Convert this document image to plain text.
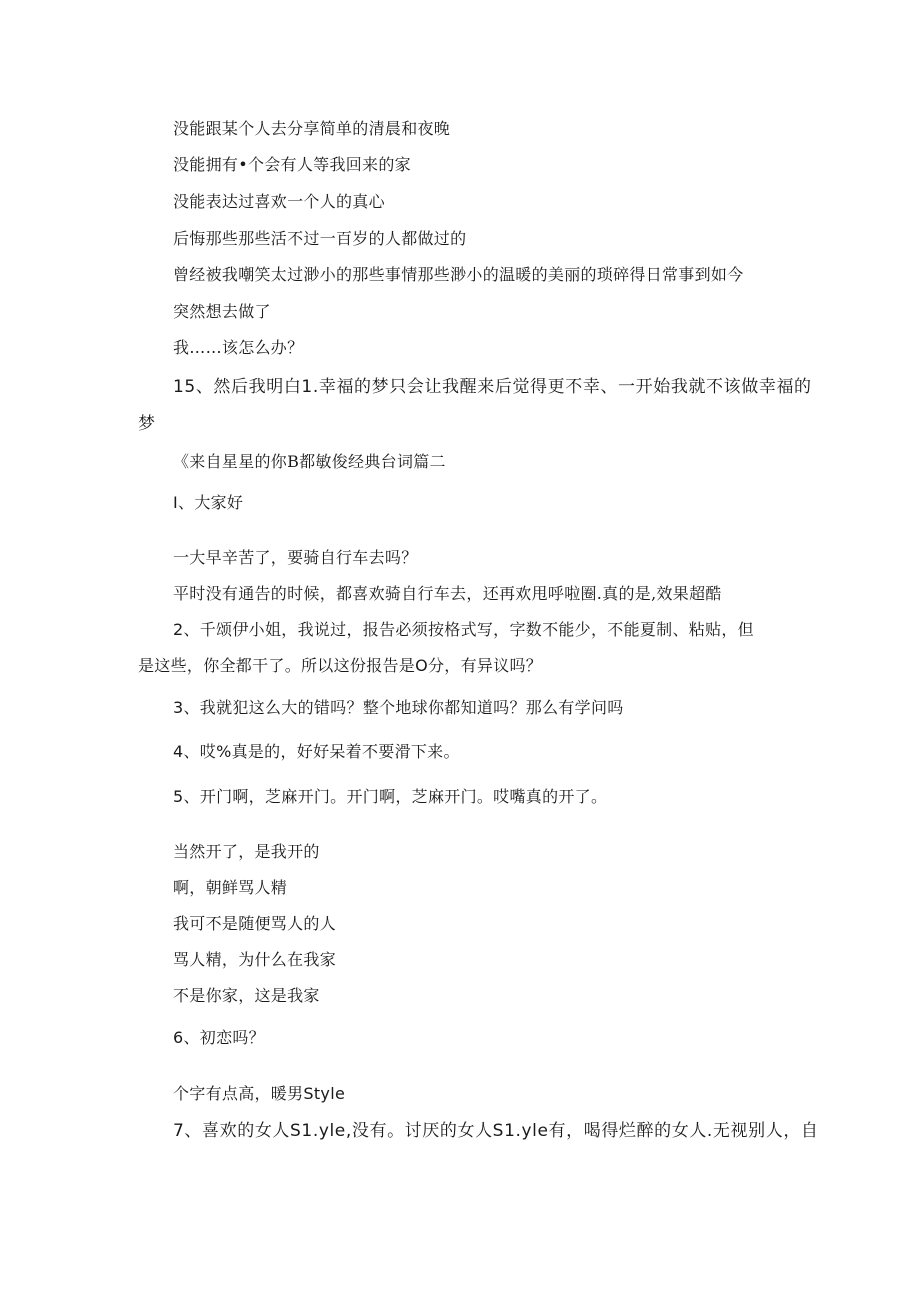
没能跟某个人去分享简单的清晨和夜晚
没能拥有•个会有人等我回来的家
没能表达过喜欢一个人的真心
后悔那些那些活不过一百岁的人都做过的
曾经被我嘲笑太过渺小的那些事情那些渺小的温暖的美丽的琐碎得日常事到如今
突然想去做了
我……该怎么办？
15、然后我明白1.幸福的梦只会让我醒来后觉得更不幸、一开始我就不该做幸福的
梦
《来自星星的你B都敏俊经典台词篇二
I、大家好
一大早辛苦了，要骑自行车去吗？
平时没有通告的时候，都喜欢骑自行车去，还再欢甩呼啦圈.真的是,效果超酷
2、千颂伊小姐，我说过，报告必须按格式写，字数不能少，不能夏制、粘贴，但
是这些，你全都干了。所以这份报告是O分，有异议吗？
3、我就犯这么大的错吗？整个地球你都知道吗？那么有学问吗
4、哎%真是的，好好呆着不要滑下来。
5、开门啊，芝麻开门。开门啊，芝麻开门。哎嘴真的开了。
当然开了，是我开的
啊，朝鲜骂人精
我可不是随便骂人的人
骂人精，为什么在我家
不是你家，这是我家
6、初恋吗？
个字有点高，暖男Style
7、喜欢的女人S1.yle,没有。讨厌的女人S1.yle有，喝得烂醉的女人.无视别人，自
